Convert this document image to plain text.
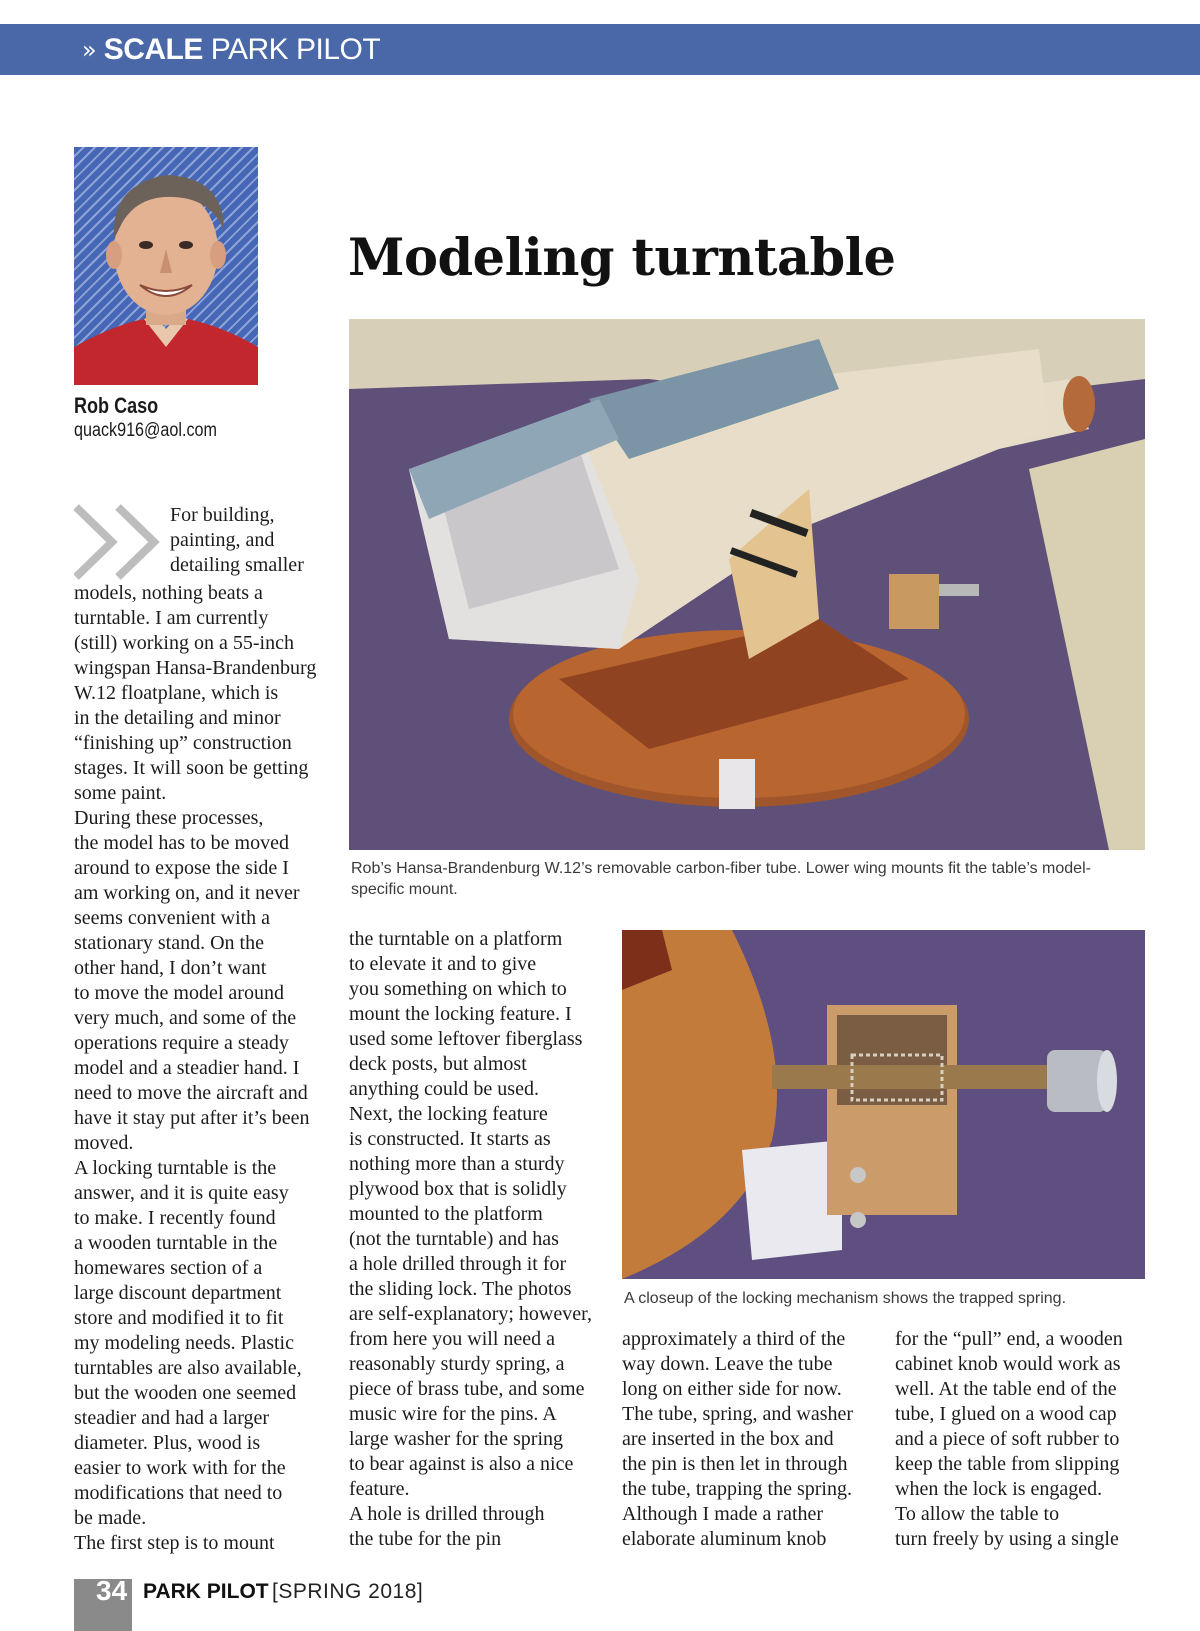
» SCALE PARK PILOT
Rob Caso
quack916@aol.com
Modeling turntable
Rob’s Hansa-Brandenburg W.12’s removable carbon-fiber tube. Lower wing mounts fit the table’s model-specific mount.
A closeup of the locking mechanism shows the trapped spring.

For building,
painting, and
detailing smaller

models, nothing beats a
turntable. I am currently
(still) working on a 55-inch
wingspan Hansa-Brandenburg
W.12 floatplane, which is
in the detailing and minor
“finishing up” construction
stages. It will soon be getting
some paint.
During these processes,
the model has to be moved
around to expose the side I
am working on, and it never
seems convenient with a
stationary stand. On the
other hand, I don’t want
to move the model around
very much, and some of the
operations require a steady
model and a steadier hand. I
need to move the aircraft and
have it stay put after it’s been
moved.
A locking turntable is the
answer, and it is quite easy
to make. I recently found
a wooden turntable in the
homewares section of a
large discount department
store and modified it to fit
my modeling needs. Plastic
turntables are also available,
but the wooden one seemed
steadier and had a larger
diameter. Plus, wood is
easier to work with for the
modifications that need to
be made.
The first step is to mount

the turntable on a platform
to elevate it and to give
you something on which to
mount the locking feature. I
used some leftover fiberglass
deck posts, but almost
anything could be used.
Next, the locking feature
is constructed. It starts as
nothing more than a sturdy
plywood box that is solidly
mounted to the platform
(not the turntable) and has
a hole drilled through it for
the sliding lock. The photos
are self-explanatory; however,
from here you will need a
reasonably sturdy spring, a
piece of brass tube, and some
music wire for the pins. A
large washer for the spring
to bear against is also a nice
feature.
A hole is drilled through
the tube for the pin

approximately a third of the
way down. Leave the tube
long on either side for now.
The tube, spring, and washer
are inserted in the box and
the pin is then let in through
the tube, trapping the spring.
Although I made a rather
elaborate aluminum knob

for the “pull” end, a wooden
cabinet knob would work as
well. At the table end of the
tube, I glued on a wood cap
and a piece of soft rubber to
keep the table from slipping
when the lock is engaged.
To allow the table to
turn freely by using a single

34 PARK PILOT [SPRING 2018]
